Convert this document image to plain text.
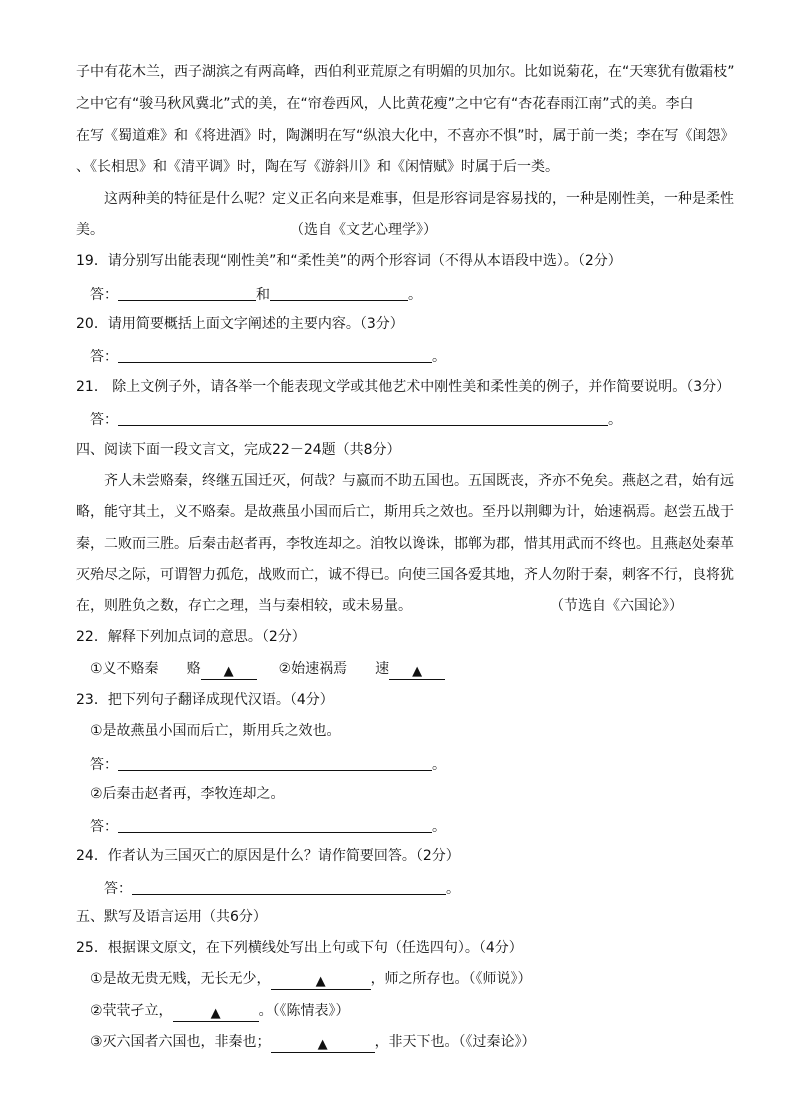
子中有花木兰，西子湖滨之有两高峰，西伯利亚荒原之有明媚的贝加尔。比如说菊花，在“天寒犹有傲霜枝”
之中它有“骏马秋风冀北”式的美，在“帘卷西风，人比黄花瘦”之中它有“杏花春雨江南”式的美。李白
在写《蜀道难》和《将进酒》时，陶渊明在写“纵浪大化中，不喜亦不惧”时，属于前一类；李在写《闺怨》
、《长相思》和《清平调》时，陶在写《游斜川》和《闲情赋》时属于后一类。
这两种美的特征是什么呢？定义正名向来是难事，但是形容词是容易找的，一种是刚性美，一种是柔性
美。	（选自《文艺心理学》）
19．请分别写出能表现“刚性美”和“柔性美”的两个形容词（不得从本语段中选）。（2分）
答：	和	。
20．请用简要概括上面文字阐述的主要内容。（3分）
答：	。
21． 除上文例子外，请各举一个能表现文学或其他艺术中刚性美和柔性美的例子，并作简要说明。（3分）
答：	。
四、阅读下面一段文言文，完成22－24题（共8分）
齐人未尝赂秦，终继五国迁灭，何哉？与嬴而不助五国也。五国既丧，齐亦不免矣。燕赵之君，始有远
略，能守其土，义不赂秦。是故燕虽小国而后亡，斯用兵之效也。至丹以荆卿为计，始速祸焉。赵尝五战于
秦，二败而三胜。后秦击赵者再，李牧连却之。洎牧以谗诛，邯郸为郡，惜其用武而不终也。且燕赵处秦革
灭殆尽之际，可谓智力孤危，战败而亡，诚不得已。向使三国各爱其地，齐人勿附于秦，刺客不行，良将犹
在，则胜负之数，存亡之理，当与秦相较，或未易量。	（节选自《六国论》）
22．解释下列加点词的意思。（2分）
①义不赂秦 赂 ▲	②始速祸焉 速 ▲
23．把下列句子翻译成现代汉语。（4分）
①是故燕虽小国而后亡，斯用兵之效也。
答：	。
②后秦击赵者再，李牧连却之。
答：	。
24．作者认为三国灭亡的原因是什么？请作简要回答。（2分）
答：	。
五、默写及语言运用（共6分）
25．根据课文原文，在下列横线处写出上句或下句（任选四句）。（4分）
①是故无贵无贱，无长无少，	▲	，师之所存也。（《师说》）
②茕茕孑立，	▲	。（《陈情表》）
③灭六国者六国也，非秦也；	▲	，非天下也。（《过秦论》）
